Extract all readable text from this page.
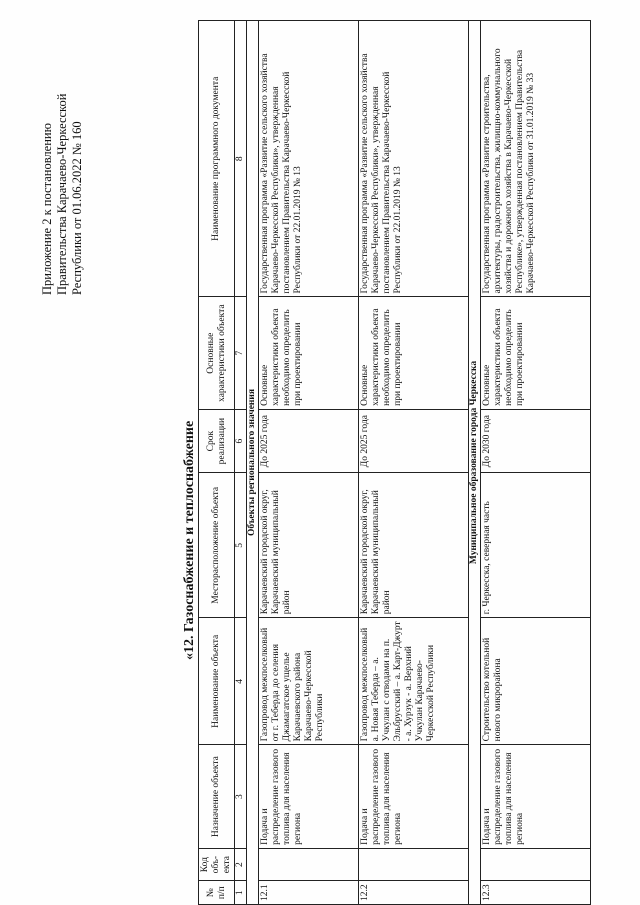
Приложение 2 к постановлению Правительства Карачаево-Черкесской Республики от 01.06.2022 № 160
«12. Газоснабжение и теплоснабжение
№ п/п	Код объ-екта	Назначение объекта	Наименование объекта	Месторасположение объекта	Срок реализации	Основные характеристики объекта	Наименование программного документа
1	2	3	4	5	6	7	8
Объекты регионального значения							
12.1		Подача и распределение газового топлива для населения региона	Газопровод межпоселковый от г. Теберда до селения Джамагатское ущелье Карачаевского района Карачаево-Черкесской Республики	Карачаевский городской округ, Карачаевский муниципальный район	До 2025 года	Основные характеристики объекта необходимо определить при проектировании	Государственная программа «Развитие сельского хозяйства Карачаево-Черкесской Республики», утвержденная постановлением Правительства Карачаево-Черкесской Республики от 22.01.2019 № 13
12.2		Подача и распределение газового топлива для населения региона	Газопровод межпоселковый а. Новая Теберда – а. Учкулан с отводами на п. Эльбрусский – а. Карт-Джурт - а. Хурзук - а. Верхний Учкулан Карачаево-Черкесской Республики	Карачаевский городской округ, Карачаевский муниципальный район	До 2025 года	Основные характеристики объекта необходимо определить при проектировании	Государственная программа «Развитие сельского хозяйства Карачаево-Черкесской Республики», утвержденная постановлением Правительства Карачаево-Черкесской Республики от 22.01.2019 № 13
Муниципальное образование города Черкесска							
12.3		Подача и распределение газового топлива для населения региона	Строительство котельной нового микрорайона	г. Черкесска, северная часть	До 2030 года	Основные характеристики объекта необходимо определить при проектировании	Государственная программа «Развитие строительства, архитектуры, градостроительства, жилищно-коммунального хозяйства и дорожного хозяйства в Карачаево-Черкесской Республике», утвержденная постановлением Правительства Карачаево-Черкесской Республики от 31.01.2019 № 33
